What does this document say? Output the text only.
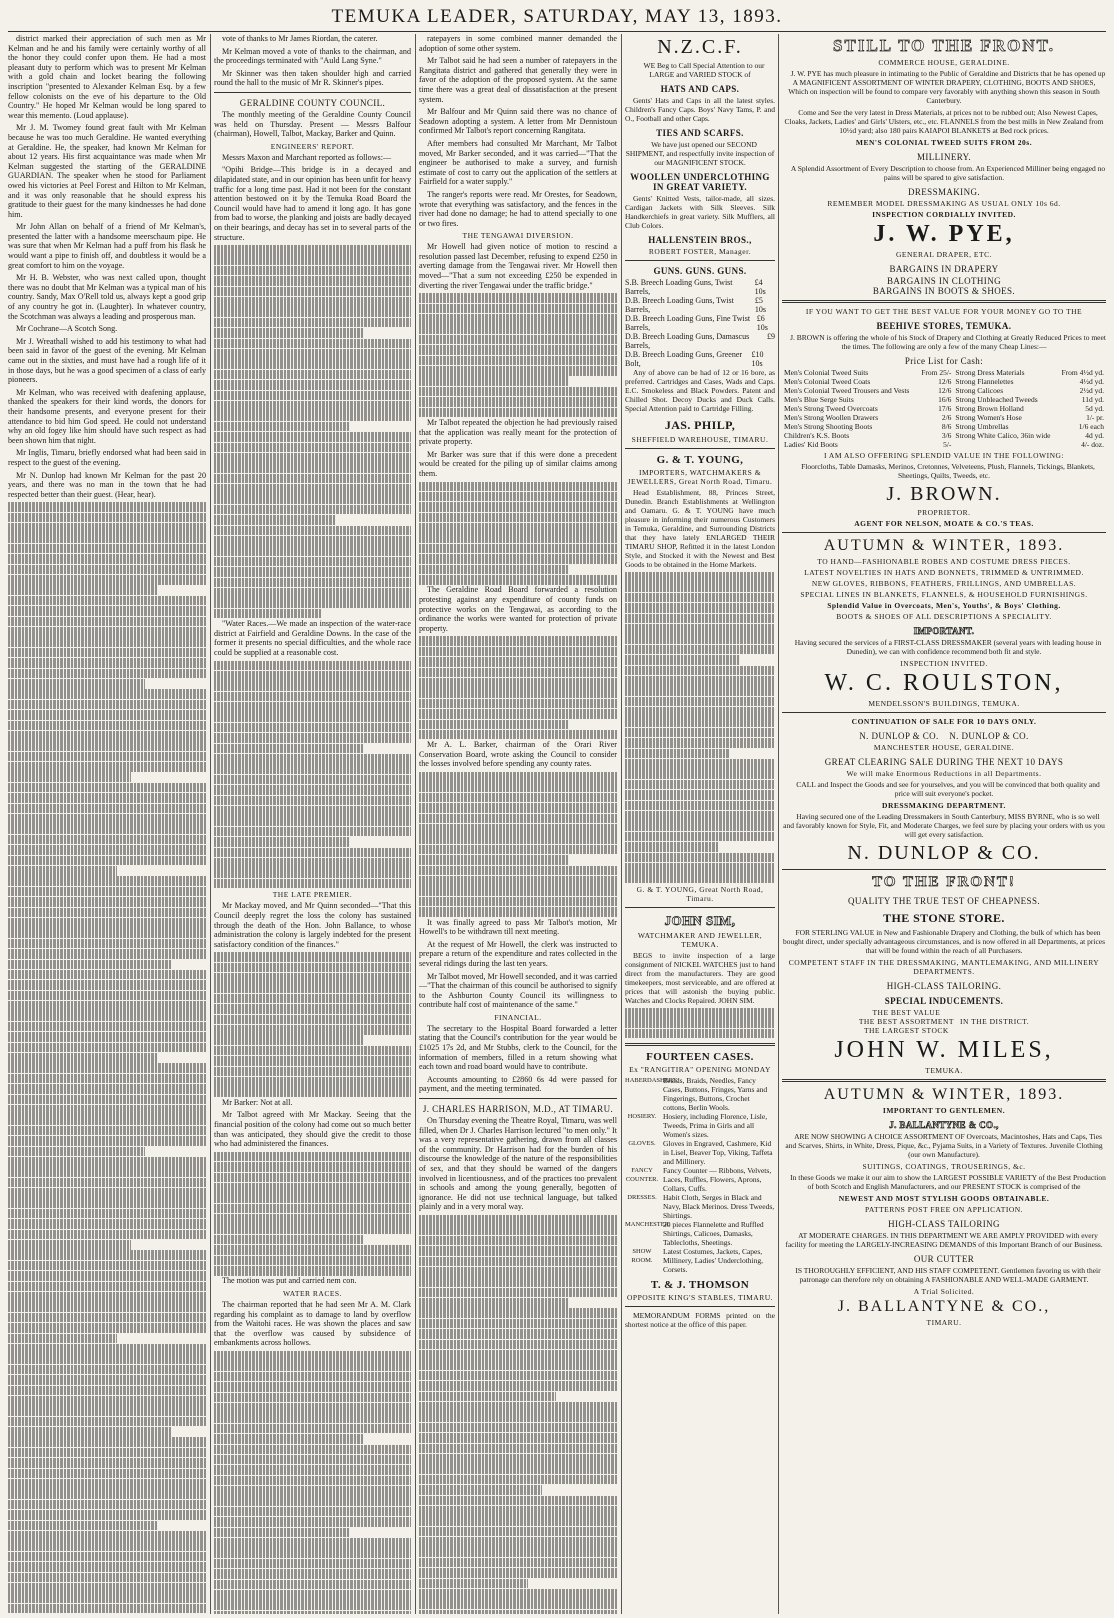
TEMUKA LEADER, SATURDAY, MAY 13, 1893.

district marked their appreciation of such men as Mr Kelman and he and his family were certainly worthy of all the honor they could confer upon them. He had a most pleasant duty to perform which was to present Mr Kelman with a gold chain and locket bearing the following inscription "presented to Alexander Kelman Esq. by a few fellow colonists on the eve of his departure to the Old Country." He hoped Mr Kelman would be long spared to wear this memento. (Loud applause).

Mr J. M. Twomey found great fault with Mr Kelman because he was too much Geraldine. He wanted everything at Geraldine. He, the speaker, had known Mr Kelman for about 12 years. His first acquaintance was made when Mr Kelman suggested the starting of the GERALDINE GUARDIAN. The speaker when he stood for Parliament owed his victories at Peel Forest and Hilton to Mr Kelman, and it was only reasonable that he should express his gratitude to their guest for the many kindnesses he had done him.

Mr John Allan on behalf of a friend of Mr Kelman's, presented the latter with a handsome meerschaum pipe. He was sure that when Mr Kelman had a puff from his flask he would want a pipe to finish off, and doubtless it would be a great comfort to him on the voyage.

Mr H. B. Webster, who was next called upon, thought there was no doubt that Mr Kelman was a typical man of his country. Sandy, Max O'Rell told us, always kept a good grip of any country he got in. (Laughter). In whatever country, the Scotchman was always a leading and prosperous man.

Mr Cochrane—A Scotch Song.

Mr J. Wreathall wished to add his testimony to what had been said in favor of the guest of the evening. Mr Kelman came out in the sixties, and must have had a rough life of it in those days, but he was a good specimen of a class of early pioneers.

Mr Kelman, who was received with deafening applause, thanked the speakers for their kind words, the donors for their handsome presents, and everyone present for their attendance to bid him God speed. He could not understand why an old fogey like him should have such respect as had been shown him that night.

Mr Inglis, Timaru, briefly endorsed what had been said in respect to the guest of the evening.

Mr N. Dunlop had known Mr Kelman for the past 20 years, and there was no man in the town that he had respected better than their guest. (Hear, hear).

vote of thanks to Mr James Riordan, the caterer.

Mr Kelman moved a vote of thanks to the chairman, and the proceedings terminated with "Auld Lang Syne."

Mr Skinner was then taken shoulder high and carried round the hall to the music of Mr R. Skinner's pipes.

GERALDINE COUNTY COUNCIL.

The monthly meeting of the Geraldine County Council was held on Thursday. Present — Messrs Balfour (chairman), Howell, Talbot, Mackay, Barker and Quinn.

ENGINEERS' REPORT.

Messrs Maxon and Marchant reported as follows:—

"Opihi Bridge—This bridge is in a decayed and dilapidated state, and in our opinion has been unfit for heavy traffic for a long time past. Had it not been for the constant attention bestowed on it by the Temuka Road Board the Council would have had to amend it long ago. It has gone from bad to worse, the planking and joists are badly decayed on their bearings, and decay has set in to several parts of the structure.

"Water Races.—We made an inspection of the water-race district at Fairfield and Geraldine Downs. In the case of the former it presents no special difficulties, and the whole race could be supplied at a reasonable cost.

THE LATE PREMIER.

Mr Mackay moved, and Mr Quinn seconded—"That this Council deeply regret the loss the colony has sustained through the death of the Hon. John Ballance, to whose administration the colony is largely indebted for the present satisfactory condition of the finances."

Mr Barker: Not at all.

Mr Talbot agreed with Mr Mackay. Seeing that the financial position of the colony had come out so much better than was anticipated, they should give the credit to those who had administered the finances.

The motion was put and carried nem con.

WATER RACES.

The chairman reported that he had seen Mr A. M. Clark regarding his complaint as to damage to land by overflow from the Waitohi races. He was shown the places and saw that the overflow was caused by subsidence of embankments across hollows.

ratepayers in some combined manner demanded the adoption of some other system.

Mr Talbot said he had seen a number of ratepayers in the Rangitata district and gathered that generally they were in favor of the adoption of the proposed system. At the same time there was a great deal of dissatisfaction at the present system.

Mr Balfour and Mr Quinn said there was no chance of Seadown adopting a system. A letter from Mr Dennistoun confirmed Mr Talbot's report concerning Rangitata.

After members had consulted Mr Marchant, Mr Talbot moved, Mr Barker seconded, and it was carried—"That the engineer be authorised to make a survey, and furnish estimate of cost to carry out the application of the settlers at Fairfield for a water supply."

The ranger's reports were read. Mr Orestes, for Seadown, wrote that everything was satisfactory, and the fences in the river had done no damage; he had to attend specially to one or two fires.

THE TENGAWAI DIVERSION.

Mr Howell had given notice of motion to rescind a resolution passed last December, refusing to expend £250 in averting damage from the Tengawai river. Mr Howell then moved—"That a sum not exceeding £250 be expended in diverting the river Tengawai under the traffic bridge."

Mr Talbot repeated the objection he had previously raised that the application was really meant for the protection of private property.

Mr Barker was sure that if this were done a precedent would be created for the piling up of similar claims among them.

The Geraldine Road Board forwarded a resolution protesting against any expenditure of county funds on protective works on the Tengawai, as according to the ordinance the works were wanted for protection of private property.

Mr A. L. Barker, chairman of the Orari River Conservation Board, wrote asking the Council to consider the losses involved before spending any county rates.

It was finally agreed to pass Mr Talbot's motion, Mr Howell's to be withdrawn till next meeting.

At the request of Mr Howell, the clerk was instructed to prepare a return of the expenditure and rates collected in the several ridings during the last ten years.

Mr Talbot moved, Mr Howell seconded, and it was carried—"That the chairman of this council be authorised to signify to the Ashburton County Council its willingness to contribute half cost of maintenance of the same."

FINANCIAL.

The secretary to the Hospital Board forwarded a letter stating that the Council's contribution for the year would be £1025 17s 2d, and Mr Stubbs, clerk to the Council, for the information of members, filled in a return showing what each town and road board would have to contribute.

Accounts amounting to £2860 6s 4d were passed for payment, and the meeting terminated.

J. CHARLES HARRISON, M.D., AT TIMARU.

On Thursday evening the Theatre Royal, Timaru, was well filled, when Dr J. Charles Harrison lectured "to men only." It was a very representative gathering, drawn from all classes of the community. Dr Harrison had for the burden of his discourse the knowledge of the nature of the responsibilities of sex, and that they should be warned of the dangers involved in licentiousness, and of the practices too prevalent in schools and among the young generally, begotten of ignorance. He did not use technical language, but talked plainly and in a very moral way.

N.Z.C.F.

WE Beg to Call Special Attention to our LARGE and VARIED STOCK of

HATS AND CAPS.

Gents' Hats and Caps in all the latest styles. Children's Fancy Caps. Boys' Navy Tams, P. and O., Football and other Caps.

TIES AND SCARFS.

We have just opened our SECOND SHIPMENT, and respectfully invite inspection of our MAGNIFICENT STOCK.

WOOLLEN UNDERCLOTHING IN GREAT VARIETY.

Gents' Knitted Vests, tailor-made, all sizes. Cardigan Jackets with Silk Sleeves. Silk Handkerchiefs in great variety. Silk Mufflers, all Club Colors.

HALLENSTEIN BROS.,
ROBERT FOSTER, Manager.
GUNS. GUNS. GUNS.
S.B. Breech Loading Guns, Twist Barrels,
£4 10s
D.B. Breech Loading Guns, Twist Barrels,
£5 10s
D.B. Breech Loading Guns, Fine Twist Barrels,
£6 10s
D.B. Breech Loading Guns, Damascus Barrels,
£9
D.B. Breech Loading Guns, Greener Bolt,
£10 10s

Any of above can be had of 12 or 16 bore, as preferred. Cartridges and Cases, Wads and Caps. E.C. Smokeless and Black Powders. Patent and Chilled Shot. Decoy Ducks and Duck Calls. Special Attention paid to Cartridge Filling.

JAS. PHILP,
SHEFFIELD WAREHOUSE, TIMARU.
G. & T. YOUNG,
IMPORTERS, WATCHMAKERS & JEWELLERS, Great North Road, Timaru.

Head Establishment, 88, Princes Street, Dunedin. Branch Establishments at Wellington and Oamaru. G. & T. YOUNG have much pleasure in informing their numerous Customers in Temuka, Geraldine, and Surrounding Districts that they have lately ENLARGED THEIR TIMARU SHOP, Refitted it in the latest London Style, and Stocked it with the Newest and Best Goods to be obtained in the Home Markets.

G. & T. YOUNG, Great North Road, Timaru.
JOHN SIM,
WATCHMAKER AND JEWELLER, TEMUKA.

BEGS to invite inspection of a large consignment of NICKEL WATCHES just to hand direct from the manufacturers. They are good timekeepers, most serviceable, and are offered at prices that will astonish the buying public. Watches and Clocks Repaired. JOHN SIM.

STILL TO THE FRONT.
COMMERCE HOUSE, GERALDINE.

J. W. PYE has much pleasure in intimating to the Public of Geraldine and Districts that he has opened up A MAGNIFICENT ASSORTMENT OF WINTER DRAPERY, CLOTHING, BOOTS AND SHOES, Which on inspection will be found to compare very favorably with anything shown this season in South Canterbury.

Come and See the very latest in Dress Materials, at prices not to be rubbed out; Also Newest Capes, Cloaks, Jackets, Ladies' and Girls' Ulsters, etc., etc. FLANNELS from the best mills in New Zealand from 10½d yard; also 180 pairs KAIAPOI BLANKETS at Bed rock prices.

MEN'S COLONIAL TWEED SUITS FROM 20s.
MILLINERY.

A Splendid Assortment of Every Description to choose from. An Experienced Milliner being engaged no pains will be spared to give satisfaction.

DRESSMAKING.
REMEMBER MODEL DRESSMAKING AS USUAL ONLY 10s 6d.
INSPECTION CORDIALLY INVITED.
J. W. PYE,
GENERAL DRAPER, ETC.
BARGAINS IN DRAPERY
BARGAINS IN CLOTHING
BARGAINS IN BOOTS & SHOES.
IF YOU WANT TO GET THE BEST VALUE FOR YOUR MONEY GO TO THE
BEEHIVE STORES, TEMUKA.

J. BROWN is offering the whole of his Stock of Drapery and Clothing at Greatly Reduced Prices to meet the times. The following are only a few of the many Cheap Lines:—

Price List for Cash:
Men's Colonial Tweed Suits	From 25/-	Strong Dress Materials	From 4½d yd.
Men's Colonial Tweed Coats	12/6	Strong Flannelettes	4½d yd.
Men's Colonial Tweed Trousers and Vests	12/6	Strong Calicoes	2½d yd.
Men's Blue Serge Suits	16/6	Strong Unbleached Tweeds	11d yd.
Men's Strong Tweed Overcoats	17/6	Strong Brown Holland	5d yd.
Men's Strong Woollen Drawers	2/6	Strong Women's Hose	1/- pr.
Men's Strong Shooting Boots	8/6	Strong Umbrellas	1/6 each
Children's K.S. Boots	3/6	Strong White Calico, 36in wide	4d yd.
Ladies' Kid Boots	5/-		4/- doz.
I AM ALSO OFFERING SPLENDID VALUE IN THE FOLLOWING:

Floorcloths, Table Damasks, Merinos, Cretonnes, Velveteens, Plush, Flannels, Tickings, Blankets, Sheetings, Quilts, Tweeds, etc.

J. BROWN.
PROPRIETOR.
AGENT FOR NELSON, MOATE & CO.'S TEAS.
AUTUMN & WINTER, 1893.
TO HAND—FASHIONABLE ROBES AND COSTUME DRESS PIECES.
LATEST NOVELTIES IN HATS AND BONNETS, TRIMMED & UNTRIMMED.
NEW GLOVES, RIBBONS, FEATHERS, FRILLINGS, AND UMBRELLAS.
SPECIAL LINES IN BLANKETS, FLANNELS, & HOUSEHOLD FURNISHINGS.
Splendid Value in Overcoats, Men's, Youths', & Boys' Clothing.
BOOTS & SHOES OF ALL DESCRIPTIONS A SPECIALITY.
IMPORTANT.

Having secured the services of a FIRST-CLASS DRESSMAKER (several years with leading house in Dunedin), we can with confidence recommend both fit and style.

INSPECTION INVITED.
W. C. ROULSTON,
MENDELSSON'S BUILDINGS, TEMUKA.
CONTINUATION OF SALE FOR 10 DAYS ONLY.
N. DUNLOP & CO.    N. DUNLOP & CO.
MANCHESTER HOUSE, GERALDINE.
GREAT CLEARING SALE DURING THE NEXT 10 DAYS
We will make Enormous Reductions in all Departments.

CALL and Inspect the Goods and see for yourselves, and you will be convinced that both quality and price will suit everyone's pocket.

DRESSMAKING DEPARTMENT.

Having secured one of the Leading Dressmakers in South Canterbury, MISS BYRNE, who is so well and favorably known for Style, Fit, and Moderate Charges, we feel sure by placing your orders with us you will get every satisfaction.

N. DUNLOP & CO.
TO THE FRONT!
QUALITY THE TRUE TEST OF CHEAPNESS.
THE STONE STORE.

FOR STERLING VALUE in New and Fashionable Drapery and Clothing, the bulk of which has been bought direct, under specially advantageous circumstances, and is now offered in all Departments, at prices that will be found within the reach of all Purchasers.

COMPETENT STAFF IN THE DRESSMAKING, MANTLEMAKING, AND MILLINERY DEPARTMENTS.
HIGH-CLASS TAILORING.
SPECIAL INDUCEMENTS.
THE BEST VALUE
THE BEST ASSORTMENT
THE LARGEST STOCK
IN THE DISTRICT.
JOHN W. MILES,
TEMUKA.
AUTUMN & WINTER, 1893.
IMPORTANT TO GENTLEMEN.
J. BALLANTYNE & CO.,

ARE NOW SHOWING A CHOICE ASSORTMENT OF Overcoats, Macintoshes, Hats and Caps, Ties and Scarves, Shirts, in White, Dress, Pique, &c., Pyjama Suits, in a Variety of Textures. Juvenile Clothing (our own Manufacture).

SUITINGS, COATINGS, TROUSERINGS, &c.

In these Goods we make it our aim to show the LARGEST POSSIBLE VARIETY of the Best Production of both Scotch and English Manufacturers, and our PRESENT STOCK is comprised of the

NEWEST AND MOST STYLISH GOODS OBTAINABLE.
PATTERNS POST FREE ON APPLICATION.
HIGH-CLASS TAILORING

AT MODERATE CHARGES. IN THIS DEPARTMENT WE ARE AMPLY PROVIDED with every facility for meeting the LARGELY-INCREASING DEMANDS of this Important Branch of our Business.

OUR CUTTER

IS THOROUGHLY EFFICIENT, AND HIS STAFF COMPETENT. Gentlemen favoring us with their patronage can therefore rely on obtaining A FASHIONABLE AND WELL-MADE GARMENT.

A Trial Solicited.
J. BALLANTYNE & CO.,
TIMARU.
FOURTEEN CASES.
Ex "RANGITIRA" OPENING MONDAY
HABERDASHERY.
Braids, Braids, Needles, Fancy Cases, Buttons, Fringes, Yarns and Fingerings, Buttons, Crochet cottons, Berlin Wools.
HOSIERY. Hosiery, including Florence, Lisle, Tweeds, Prima in Girls and all Women's sizes.
GLOVES. Gloves in Engraved, Cashmere, Kid in Lisel, Beaver Top, Viking, Taffeta and Millinery.
FANCY COUNTER.
Fancy Counter — Ribbons, Velvets, Laces, Ruffles, Flowers, Aprons, Collars, Cuffs.
DRESSES. Habit Cloth, Serges in Black and Navy, Black Merinos. Dress Tweeds, Shirtings.
MANCHESTER.
20 pieces Flannelette and Ruffled Shirtings, Calicoes, Damasks, Tablecloths, Sheetings.
SHOW ROOM.
Latest Costumes, Jackets, Capes, Millinery, Ladies' Underclothing, Corsets.
T. & J. THOMSON
OPPOSITE KING'S STABLES, TIMARU.

MEMORANDUM FORMS printed on the shortest notice at the office of this paper.
